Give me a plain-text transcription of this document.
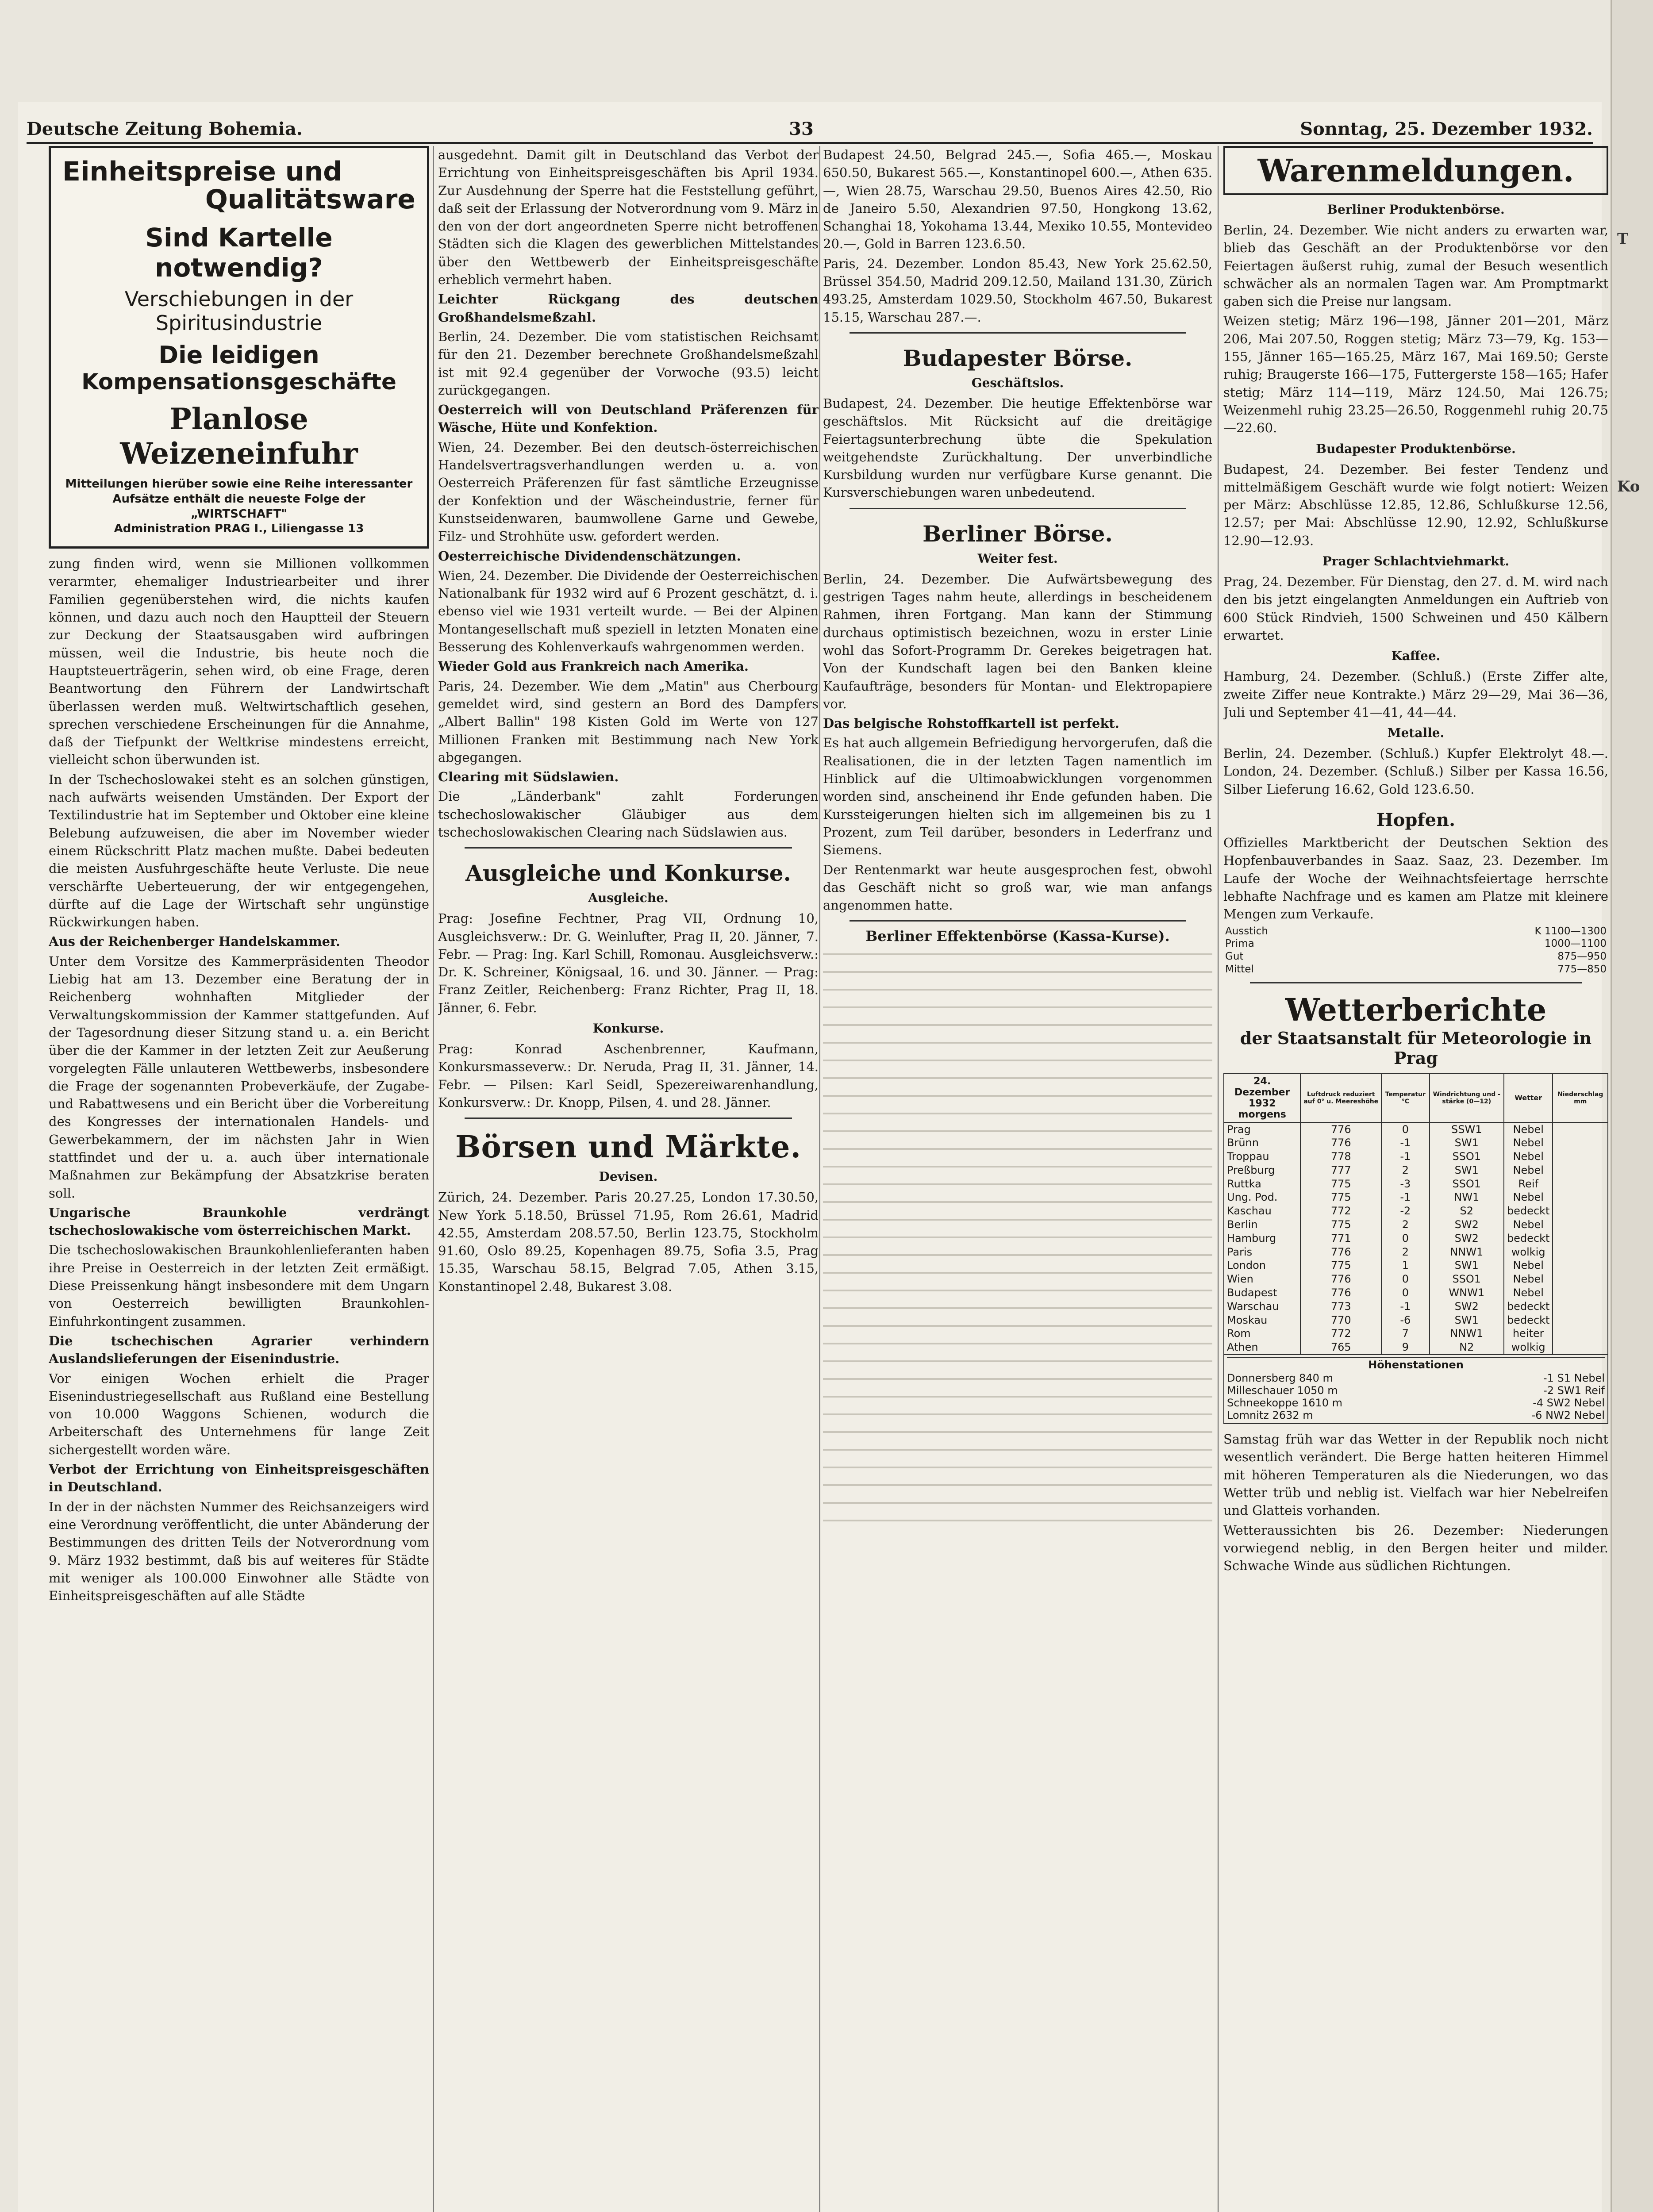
T
Ko
Deutsche Zeitung Bohemia.	33	Sonntag, 25. Dezember 1932.
Einheitspreise und
Qualitätsware
Sind Kartelle notwendig?
Verschiebungen in der Spiritusindustrie
Die leidigen
Kompensationsgeschäfte
Planlose Weizeneinfuhr
Mitteilungen hierüber sowie eine Reihe interessanter Aufsätze enthält die neueste Folge der
„WIRTSCHAFT"
Administration PRAG I., Liliengasse 13

zung finden wird, wenn sie Millionen vollkommen verarmter, ehemaliger Industriearbeiter und ihrer Familien gegenüberstehen wird, die nichts kaufen können, und dazu auch noch den Hauptteil der Steuern zur Deckung der Staatsausgaben wird aufbringen müssen, weil die Industrie, bis heute noch die Hauptsteuerträgerin, sehen wird, ob eine Frage, deren Beantwortung den Führern der Landwirtschaft überlassen werden muß. Weltwirtschaftlich gesehen, sprechen verschiedene Erscheinungen für die Annahme, daß der Tiefpunkt der Weltkrise mindestens erreicht, vielleicht schon überwunden ist.

In der Tschechoslowakei steht es an solchen günstigen, nach aufwärts weisenden Umständen. Der Export der Textilindustrie hat im September und Oktober eine kleine Belebung aufzuweisen, die aber im November wieder einem Rückschritt Platz machen mußte. Dabei bedeuten die meisten Ausfuhrgeschäfte heute Verluste. Die neue verschärfte Ueberteuerung, der wir entgegengehen, dürfte auf die Lage der Wirtschaft sehr ungünstige Rückwirkungen haben.

Aus der Reichenberger Handelskammer.

Unter dem Vorsitze des Kammerpräsidenten Theodor Liebig hat am 13. Dezember eine Beratung der in Reichenberg wohnhaften Mitglieder der Verwaltungskommission der Kammer stattgefunden. Auf der Tagesordnung dieser Sitzung stand u. a. ein Bericht über die der Kammer in der letzten Zeit zur Aeußerung vorgelegten Fälle unlauteren Wettbewerbs, insbesondere die Frage der sogenannten Probeverkäufe, der Zugabe- und Rabattwesens und ein Bericht über die Vorbereitung des Kongresses der internationalen Handels- und Gewerbekammern, der im nächsten Jahr in Wien stattfindet und der u. a. auch über internationale Maßnahmen zur Bekämpfung der Absatzkrise beraten soll.

Ungarische Braunkohle verdrängt tschechoslowakische vom österreichischen Markt.

Die tschechoslowakischen Braunkohlenlieferanten haben ihre Preise in Oesterreich in der letzten Zeit ermäßigt. Diese Preissenkung hängt insbesondere mit dem Ungarn von Oesterreich bewilligten Braunkohlen-Einfuhrkontingent zusammen.

Die tschechischen Agrarier verhindern Auslandslieferungen der Eisenindustrie.

Vor einigen Wochen erhielt die Prager Eisenindustriegesellschaft aus Rußland eine Bestellung von 10.000 Waggons Schienen, wodurch die Arbeiterschaft des Unternehmens für lange Zeit sichergestellt worden wäre.

Verbot der Errichtung von Einheitspreisgeschäften in Deutschland.

In der in der nächsten Nummer des Reichsanzeigers wird eine Verordnung veröffentlicht, die unter Abänderung der Bestimmungen des dritten Teils der Notverordnung vom 9. März 1932 bestimmt, daß bis auf weiteres für Städte mit weniger als 100.000 Einwohner alle Städte von Einheitspreisgeschäften auf alle Städte

ausgedehnt. Damit gilt in Deutschland das Verbot der Errichtung von Einheitspreisgeschäften bis April 1934. Zur Ausdehnung der Sperre hat die Feststellung geführt, daß seit der Erlassung der Notverordnung vom 9. März in den von der dort angeordneten Sperre nicht betroffenen Städten sich die Klagen des gewerblichen Mittelstandes über den Wettbewerb der Einheitspreisgeschäfte erheblich vermehrt haben.

Leichter Rückgang des deutschen Großhandelsmeßzahl.

Berlin, 24. Dezember. Die vom statistischen Reichsamt für den 21. Dezember berechnete Großhandelsmeßzahl ist mit 92.4 gegenüber der Vorwoche (93.5) leicht zurückgegangen.

Oesterreich will von Deutschland Präferenzen für Wäsche, Hüte und Konfektion.

Wien, 24. Dezember. Bei den deutsch-österreichischen Handelsvertragsverhandlungen werden u. a. von Oesterreich Präferenzen für fast sämtliche Erzeugnisse der Konfektion und der Wäscheindustrie, ferner für Kunstseidenwaren, baumwollene Garne und Gewebe, Filz- und Strohhüte usw. gefordert werden.

Oesterreichische Dividendenschätzungen.

Wien, 24. Dezember. Die Dividende der Oesterreichischen Nationalbank für 1932 wird auf 6 Prozent geschätzt, d. i. ebenso viel wie 1931 verteilt wurde. — Bei der Alpinen Montangesellschaft muß speziell in letzten Monaten eine Besserung des Kohlenverkaufs wahrgenommen werden.

Wieder Gold aus Frankreich nach Amerika.

Paris, 24. Dezember. Wie dem „Matin" aus Cherbourg gemeldet wird, sind gestern an Bord des Dampfers „Albert Ballin" 198 Kisten Gold im Werte von 127 Millionen Franken mit Bestimmung nach New York abgegangen.

Clearing mit Südslawien.

Die „Länderbank" zahlt Forderungen tschechoslowakischer Gläubiger aus dem tschechoslowakischen Clearing nach Südslawien aus.

Ausgleiche und Konkurse.
Ausgleiche.

Prag: Josefine Fechtner, Prag VII, Ordnung 10, Ausgleichsverw.: Dr. G. Weinlufter, Prag II, 20. Jänner, 7. Febr. — Prag: Ing. Karl Schill, Romonau. Ausgleichsverw.: Dr. K. Schreiner, Königsaal, 16. und 30. Jänner. — Prag: Franz Zeitler, Reichenberg: Franz Richter, Prag II, 18. Jänner, 6. Febr.

Konkurse.

Prag: Konrad Aschenbrenner, Kaufmann, Konkursmasseverw.: Dr. Neruda, Prag II, 31. Jänner, 14. Febr. — Pilsen: Karl Seidl, Spezereiwarenhandlung, Konkursverw.: Dr. Knopp, Pilsen, 4. und 28. Jänner.

Börsen und Märkte.
Devisen.

Zürich, 24. Dezember. Paris 20.27.25, London 17.30.50, New York 5.18.50, Brüssel 71.95, Rom 26.61, Madrid 42.55, Amsterdam 208.57.50, Berlin 123.75, Stockholm 91.60, Oslo 89.25, Kopenhagen 89.75, Sofia 3.5, Prag 15.35, Warschau 58.15, Belgrad 7.05, Athen 3.15, Konstantinopel 2.48, Bukarest 3.08.

Budapest 24.50, Belgrad 245.—, Sofia 465.—, Moskau 650.50, Bukarest 565.—, Konstantinopel 600.—, Athen 635.—, Wien 28.75, Warschau 29.50, Buenos Aires 42.50, Rio de Janeiro 5.50, Alexandrien 97.50, Hongkong 13.62, Schanghai 18, Yokohama 13.44, Mexiko 10.55, Montevideo 20.—, Gold in Barren 123.6.50.

Paris, 24. Dezember. London 85.43, New York 25.62.50, Brüssel 354.50, Madrid 209.12.50, Mailand 131.30, Zürich 493.25, Amsterdam 1029.50, Stockholm 467.50, Bukarest 15.15, Warschau 287.—.

Budapester Börse.
Geschäftslos.

Budapest, 24. Dezember. Die heutige Effektenbörse war geschäftslos. Mit Rücksicht auf die dreitägige Feiertagsunterbrechung übte die Spekulation weitgehendste Zurückhaltung. Der unverbindliche Kursbildung wurden nur verfügbare Kurse genannt. Die Kursverschiebungen waren unbedeutend.

Berliner Börse.
Weiter fest.

Berlin, 24. Dezember. Die Aufwärtsbewegung des gestrigen Tages nahm heute, allerdings in bescheidenem Rahmen, ihren Fortgang. Man kann der Stimmung durchaus optimistisch bezeichnen, wozu in erster Linie wohl das Sofort-Programm Dr. Gerekes beigetragen hat. Von der Kundschaft lagen bei den Banken kleine Kaufaufträge, besonders für Montan- und Elektropapiere vor.

Das belgische Rohstoffkartell ist perfekt.

Es hat auch allgemein Befriedigung hervorgerufen, daß die Realisationen, die in der letzten Tagen namentlich im Hinblick auf die Ultimoabwicklungen vorgenommen worden sind, anscheinend ihr Ende gefunden haben. Die Kurssteigerungen hielten sich im allgemeinen bis zu 1 Prozent, zum Teil darüber, besonders in Lederfranz und Siemens.

Der Rentenmarkt war heute ausgesprochen fest, obwohl das Geschäft nicht so groß war, wie man anfangs angenommen hatte.

Berliner Effektenbörse (Kassa-Kurse).
Warenmeldungen.
Berliner Produktenbörse.

Berlin, 24. Dezember. Wie nicht anders zu erwarten war, blieb das Geschäft an der Produktenbörse vor den Feiertagen äußerst ruhig, zumal der Besuch wesentlich schwächer als an normalen Tagen war. Am Promptmarkt gaben sich die Preise nur langsam.

Weizen stetig; März 196—198, Jänner 201—201, März 206, Mai 207.50, Roggen stetig; März 73—79, Kg. 153—155, Jänner 165—165.25, März 167, Mai 169.50; Gerste ruhig; Braugerste 166—175, Futtergerste 158—165; Hafer stetig; März 114—119, März 124.50, Mai 126.75; Weizenmehl ruhig 23.25—26.50, Roggenmehl ruhig 20.75—22.60.

Budapester Produktenbörse.

Budapest, 24. Dezember. Bei fester Tendenz und mittelmäßigem Geschäft wurde wie folgt notiert: Weizen per März: Abschlüsse 12.85, 12.86, Schlußkurse 12.56, 12.57; per Mai: Abschlüsse 12.90, 12.92, Schlußkurse 12.90—12.93.

Prager Schlachtviehmarkt.

Prag, 24. Dezember. Für Dienstag, den 27. d. M. wird nach den bis jetzt eingelangten Anmeldungen ein Auftrieb von 600 Stück Rindvieh, 1500 Schweinen und 450 Kälbern erwartet.

Kaffee.

Hamburg, 24. Dezember. (Schluß.) (Erste Ziffer alte, zweite Ziffer neue Kontrakte.) März 29—29, Mai 36—36, Juli und September 41—41, 44—44.

Metalle.

Berlin, 24. Dezember. (Schluß.) Kupfer Elektrolyt 48.—. London, 24. Dezember. (Schluß.) Silber per Kassa 16.56, Silber Lieferung 16.62, Gold 123.6.50.

Hopfen.

Offizielles Marktbericht der Deutschen Sektion des Hopfenbauverbandes in Saaz. Saaz, 23. Dezember. Im Laufe der Woche der Weihnachtsfeiertage herrschte lebhafte Nachfrage und es kamen am Platze mit kleinere Mengen zum Verkaufe.

Ausstich	K 1100—1300
Prima	1000—1100
Gut	875—950
Mittel	775—850
Wetterberichte
der Staatsanstalt für Meteorologie in Prag
24. Dezember 1932
morgens	Luftdruck reduziert auf 0° u. Meereshöhe	Temperatur °C	Windrichtung und -stärke (0—12)	Wetter	Niederschlag mm
Prag	776	0	SSW1	Nebel	
Brünn	776	-1	SW1	Nebel	
Troppau	778	-1	SSO1	Nebel	
Preßburg	777	2	SW1	Nebel	
Ruttka	775	-3	SSO1	Reif	
Ung. Pod.	775	-1	NW1	Nebel	
Kaschau	772	-2	S2	bedeckt	
Berlin	775	2	SW2	Nebel	
Hamburg	771	0	SW2	bedeckt	
Paris	776	2	NNW1	wolkig	
London	775	1	SW1	Nebel	
Wien	776	0	SSO1	Nebel	
Budapest	776	0	WNW1	Nebel	
Warschau	773	-1	SW2	bedeckt	
Moskau	770	-6	SW1	bedeckt	
Rom	772	7	NNW1	heiter	
Athen	765	9	N2	wolkig	
Höhenstationen
Donnersberg 840 m	-1 S1 Nebel
Milleschauer 1050 m	-2 SW1 Reif
Schneekoppe 1610 m	-4 SW2 Nebel
Lomnitz 2632 m	-6 NW2 Nebel

Samstag früh war das Wetter in der Republik noch nicht wesentlich verändert. Die Berge hatten heiteren Himmel mit höheren Temperaturen als die Niederungen, wo das Wetter trüb und neblig ist. Vielfach war hier Nebelreifen und Glatteis vorhanden.

Wetteraussichten bis 26. Dezember: Niederungen vorwiegend neblig, in den Bergen heiter und milder. Schwache Winde aus südlichen Richtungen.
